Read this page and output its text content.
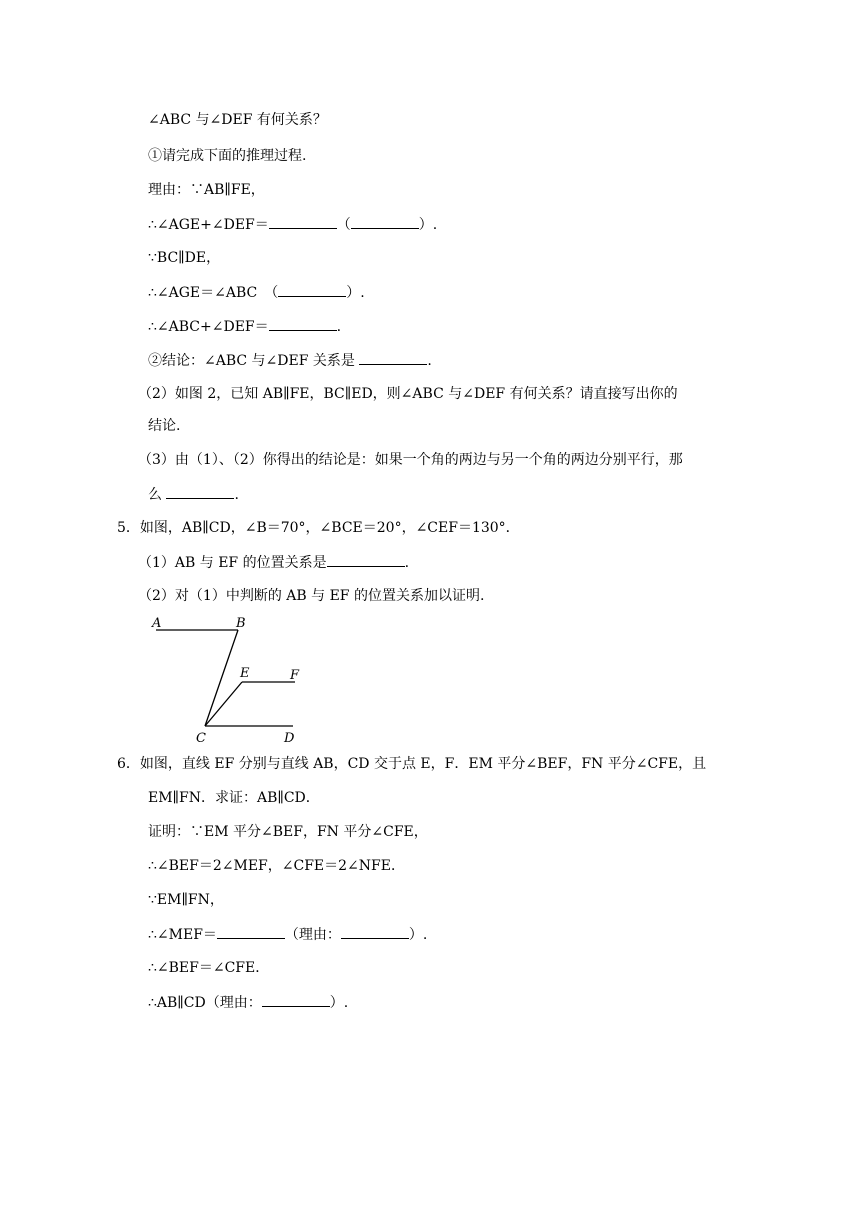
∠ABC 与∠DEF 有何关系？
①请完成下面的推理过程.
理由：∵AB∥FE，
∴∠AGE+∠DEF＝	（	）.
∵BC∥DE，
∴∠AGE＝∠ABC　（	）.
∴∠ABC+∠DEF＝	.
②结论：∠ABC 与∠DEF 关系是	.
（2）如图 2，已知 AB∥FE，BC∥ED，则∠ABC 与∠DEF 有何关系？请直接写出你的
结论.
（3）由（1）、（2）你得出的结论是：如果一个角的两边与另一个角的两边分别平行，那
么	.
5．如图，AB∥CD，∠B＝70°，∠BCE＝20°，∠CEF＝130°．
（1）AB 与 EF 的位置关系是	.
（2）对（1）中判断的 AB 与 EF 的位置关系加以证明.
A	B
E	F
C	D
6．如图，直线 EF 分别与直线 AB，CD 交于点 E，F．EM 平分∠BEF，FN 平分∠CFE，且
EM∥FN．求证：AB∥CD．
证明：∵EM 平分∠BEF，FN 平分∠CFE，
∴∠BEF＝2∠MEF，∠CFE＝2∠NFE．
∵EM∥FN，
∴∠MEF＝	（理由：	）.
∴∠BEF＝∠CFE．
∴AB∥CD（理由：	）.
